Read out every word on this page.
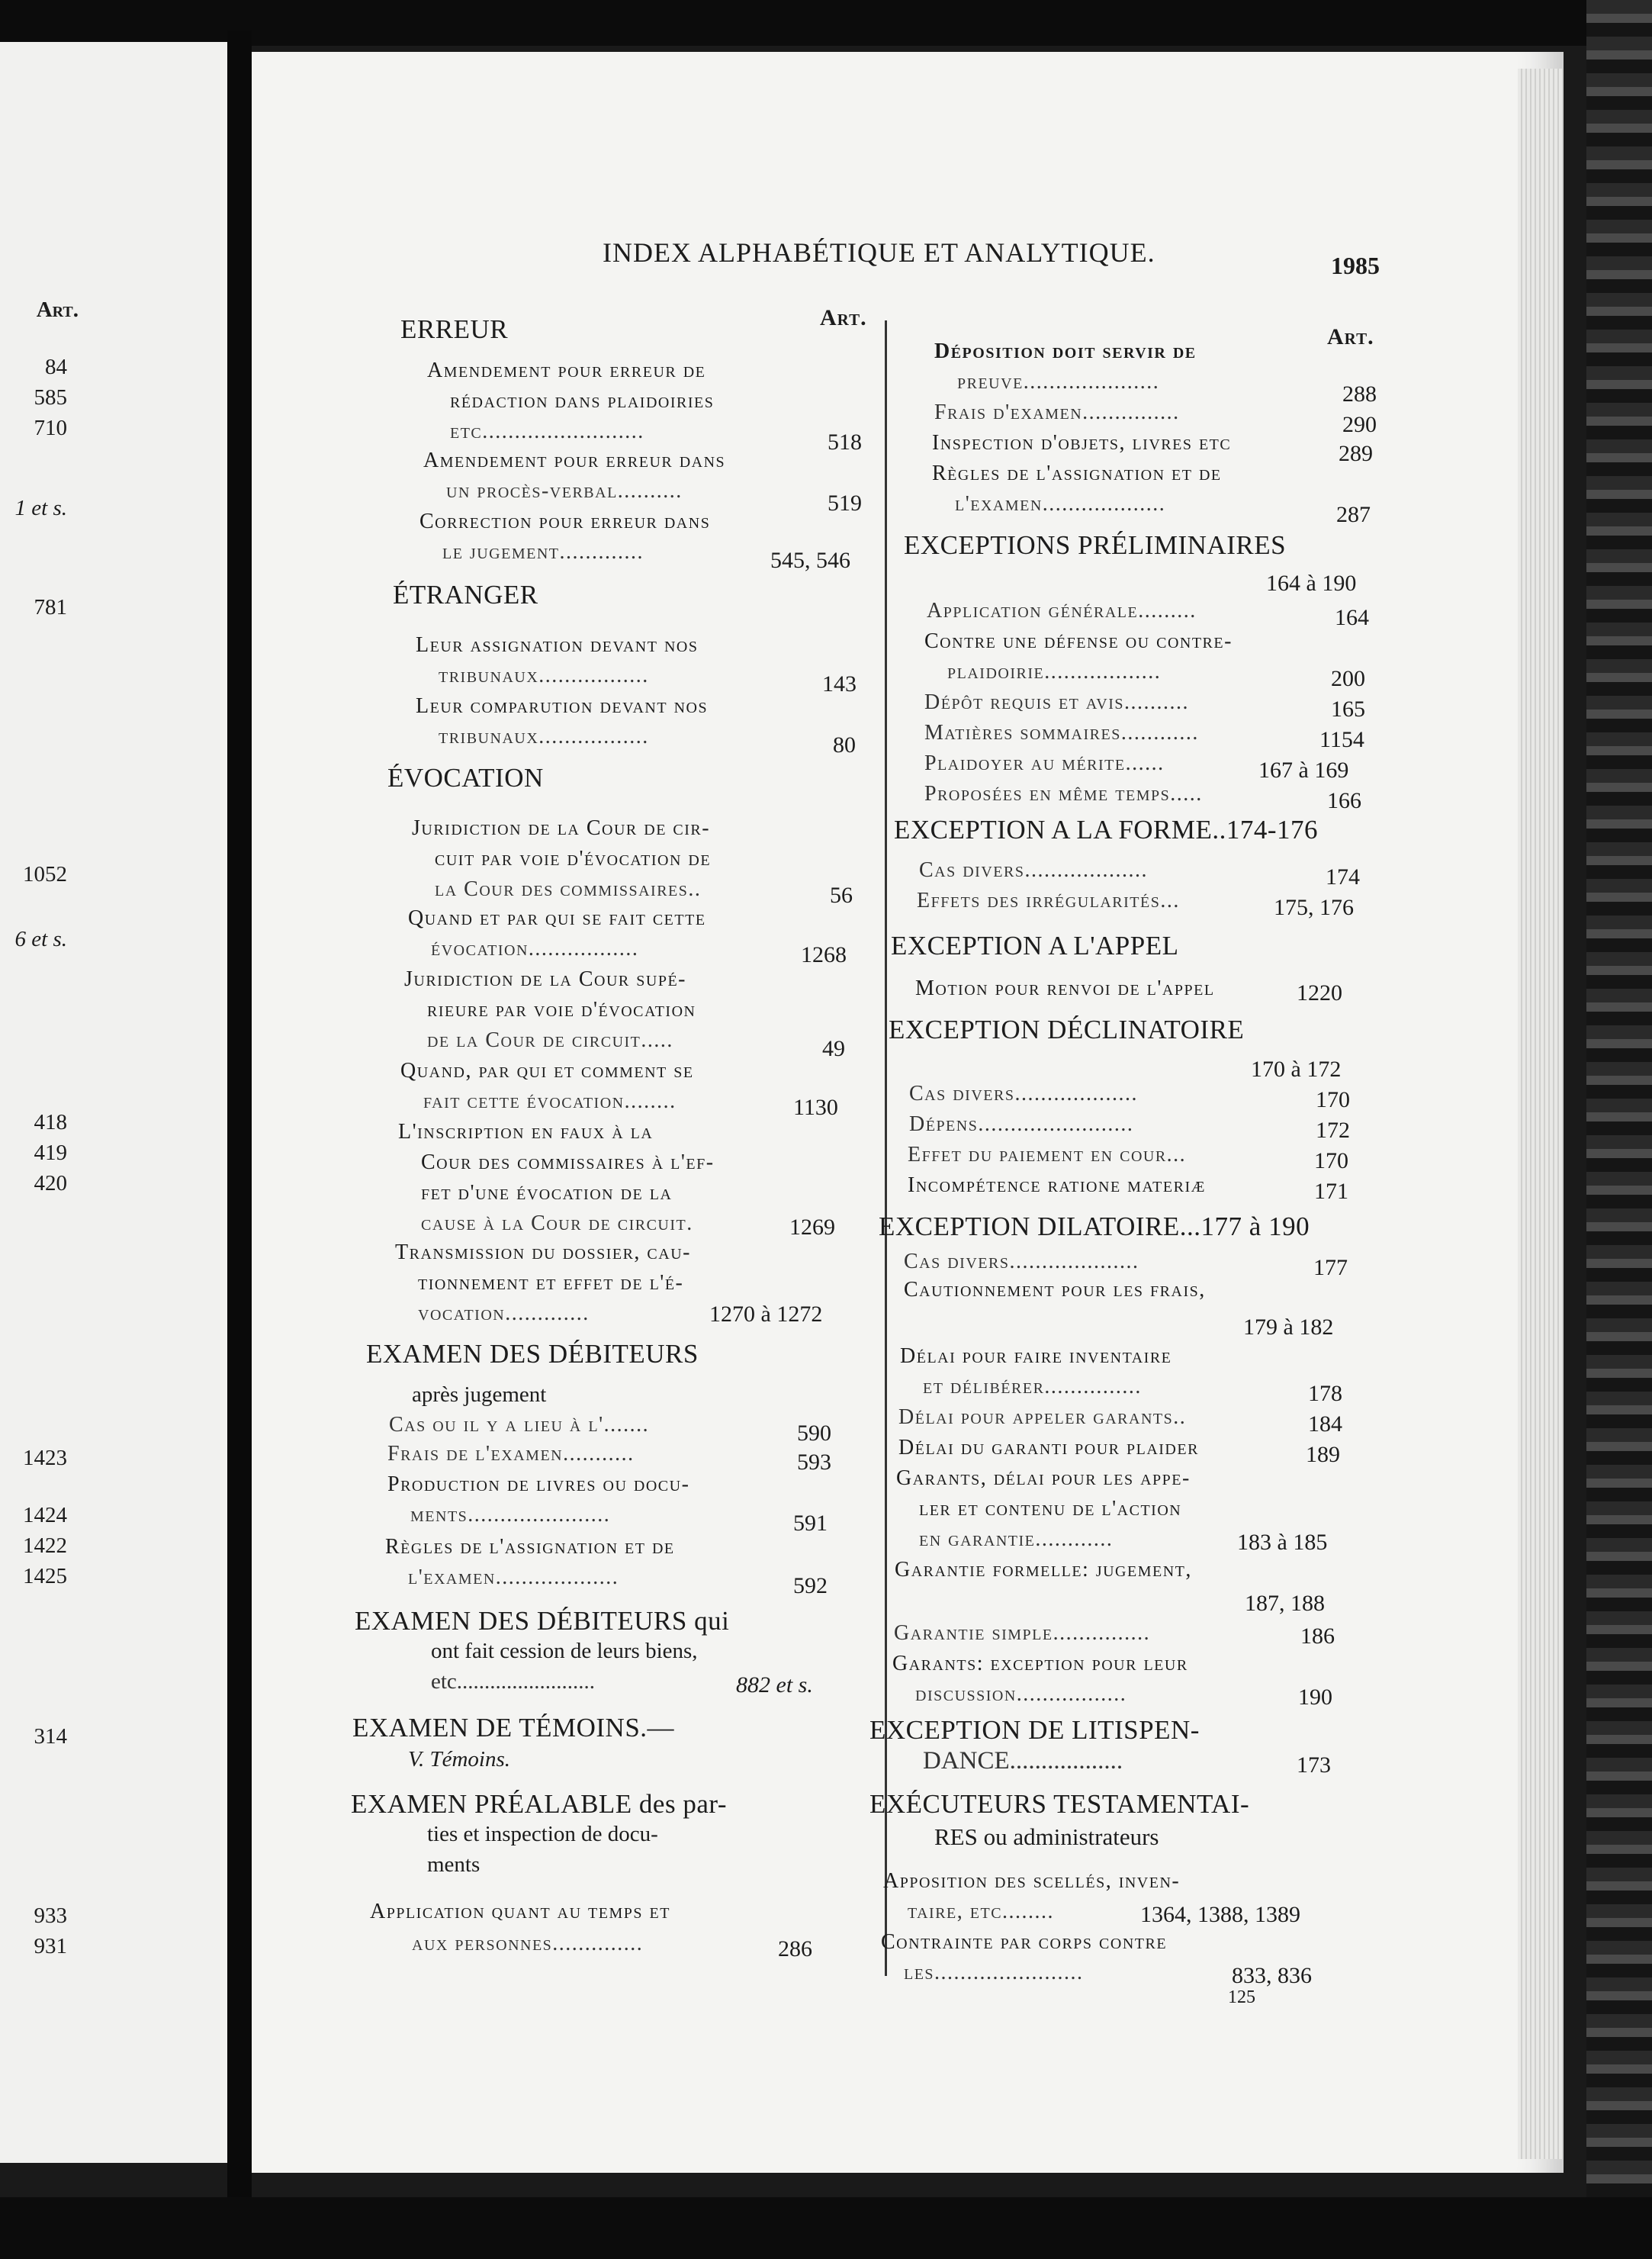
Art.
84
585
710
1 et s.
781
1052
6 et s.
418
419
420
1423
1424
1422
1425
314
933
931
INDEX ALPHABÉTIQUE ET ANALYTIQUE.	1985
Art.
ERREUR
Amendement pour erreur de
rédaction dans plaidoiries
etc.........................	518
Amendement pour erreur dans
un procès-verbal..........	519
Correction pour erreur dans
le jugement.............	545, 546
ÉTRANGER
Leur assignation devant nos
tribunaux.................	143
Leur comparution devant nos
tribunaux.................	80
ÉVOCATION
Juridiction de la Cour de cir-
cuit par voie d'évocation de
la Cour des commissaires..	56
Quand et par qui se fait cette
évocation.................	1268
Juridiction de la Cour supé-
rieure par voie d'évocation
de la Cour de circuit.....	49
Quand, par qui et comment se
fait cette évocation........	1130
L'inscription en faux à la
Cour des commissaires à l'ef-
fet d'une évocation de la
cause à la Cour de circuit.	1269
Transmission du dossier, cau-
tionnement et effet de l'é-
vocation.............	1270 à 1272
EXAMEN DES DÉBITEURS
après jugement
Cas ou il y a lieu à l'.......	590
Frais de l'examen...........	593
Production de livres ou docu-
ments......................	591
Règles de l'assignation et de
l'examen...................	592
EXAMEN DES DÉBITEURS qui
ont fait cession de leurs biens,
etc.........................	882 et s.
EXAMEN DE TÉMOINS.—
V. Témoins.
EXAMEN PRÉALABLE des par-
ties et inspection de docu-
ments
Application quant au temps et
aux personnes..............	286
Art.
Déposition doit servir de
preuve.....................	288
Frais d'examen...............	290
Inspection d'objets, livres etc	289
Règles de l'assignation et de
l'examen...................	287
EXCEPTIONS PRÉLIMINAIRES
164 à 190
Application générale.........	164
Contre une défense ou contre-
plaidoirie..................	200
Dépôt requis et avis..........	165
Matières sommaires............	1154
Plaidoyer au mérite......	167 à 169
Proposées en même temps.....	166
EXCEPTION A LA FORME..174-176
Cas divers...................	174
Effets des irrégularités...	175, 176
EXCEPTION A L'APPEL
Motion pour renvoi de l'appel	1220
EXCEPTION DÉCLINATOIRE
170 à 172
Cas divers...................	170
Dépens........................	172
Effet du paiement en cour...	170
Incompétence ratione materiæ	171
EXCEPTION DILATOIRE...177 à 190
Cas divers....................	177
Cautionnement pour les frais,
179 à 182
Délai pour faire inventaire
et délibérer...............	178
Délai pour appeler garants..	184
Délai du garanti pour plaider	189
Garants, délai pour les appe-
ler et contenu de l'action
en garantie............	183 à 185
Garantie formelle: jugement,
187, 188
Garantie simple...............	186
Garants: exception pour leur
discussion.................	190
EXCEPTION DE LITISPEN-
DANCE..................	173
EXÉCUTEURS TESTAMENTAI-
RES ou administrateurs
Apposition des scellés, inven-
taire, etc........	1364, 1388, 1389
Contrainte par corps contre
les.......................	833, 836
125
